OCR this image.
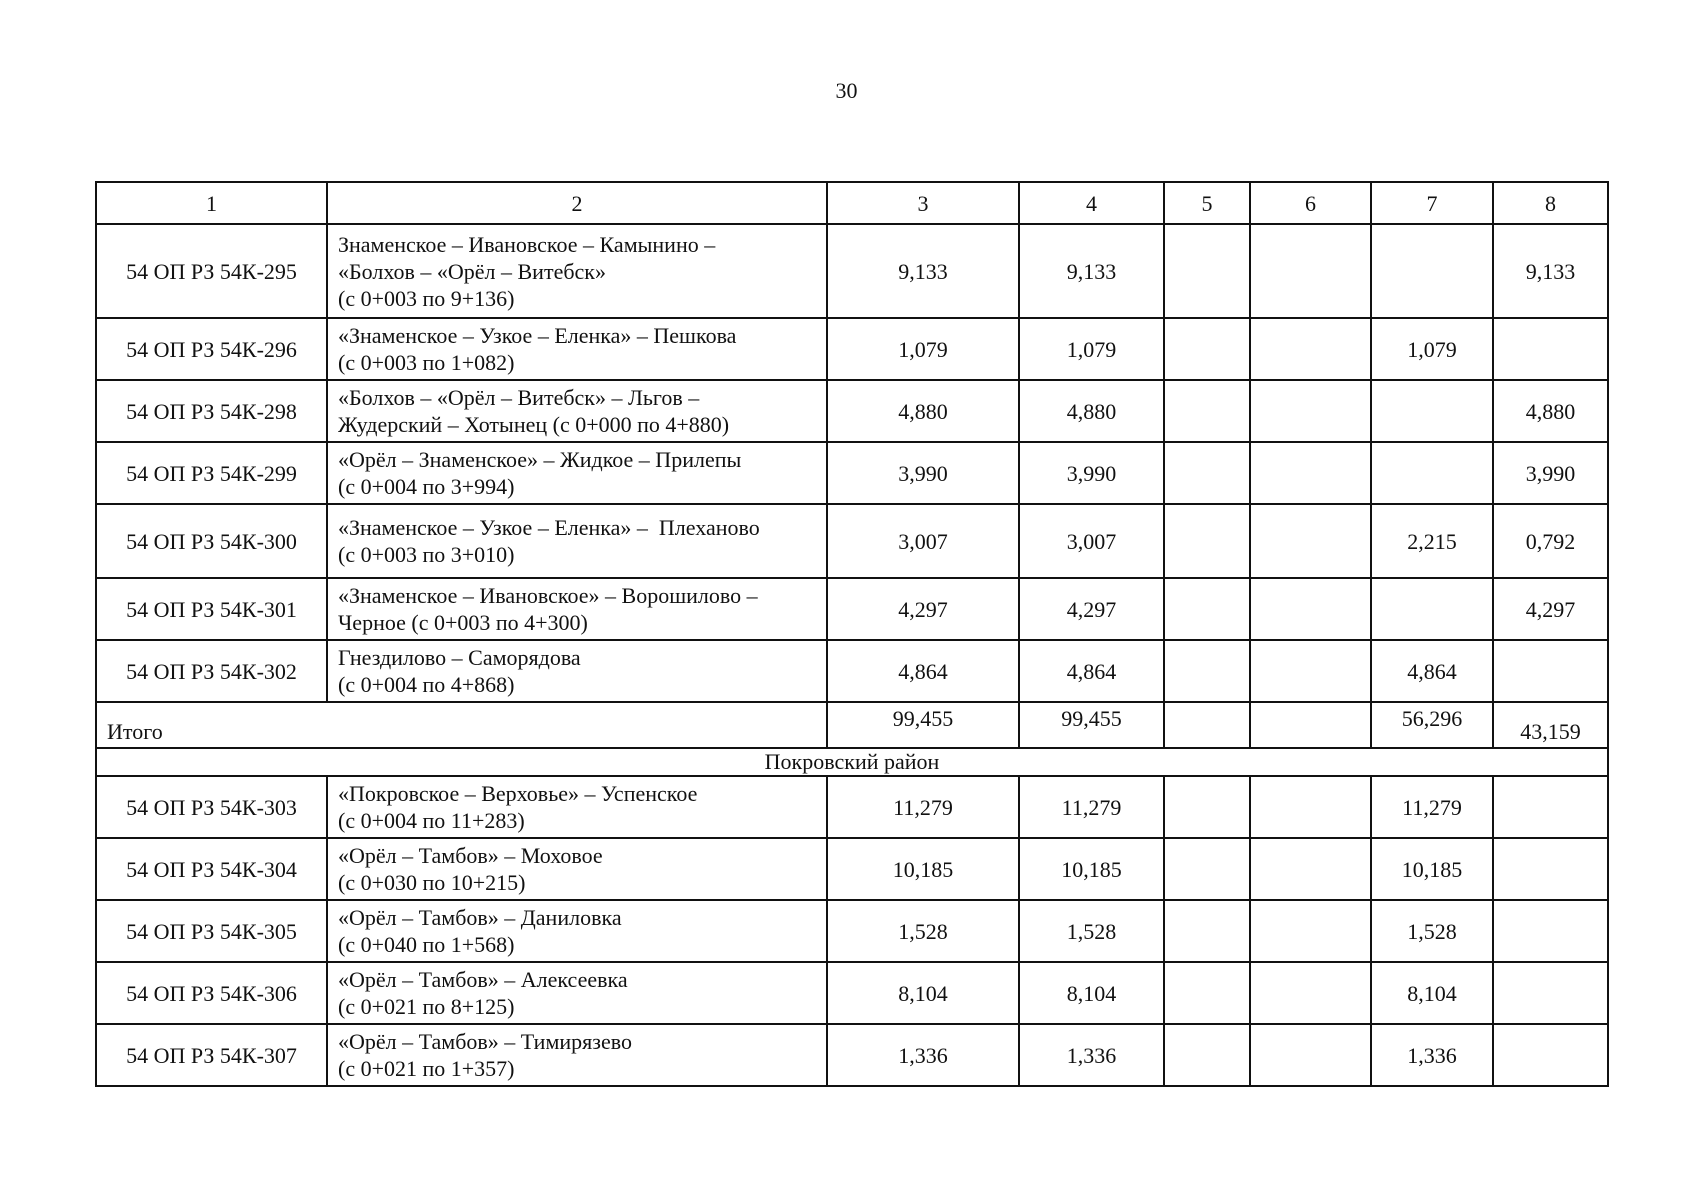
30
1	2	3	4	5	6	7	8
54 ОП РЗ 54К-295	Знаменское – Ивановское – Камынино –
«Болхов – «Орёл – Витебск»
(с 0+003 по 9+136)	9,133	9,133				9,133
54 ОП РЗ 54К-296	«Знаменское – Узкое – Еленка» – Пешкова
(с 0+003 по 1+082)	1,079	1,079			1,079	
54 ОП РЗ 54К-298	«Болхов – «Орёл – Витебск» – Льгов –
Жудерский – Хотынец (с 0+000 по 4+880)	4,880	4,880				4,880
54 ОП РЗ 54К-299	«Орёл – Знаменское» – Жидкое – Прилепы
(с 0+004 по 3+994)	3,990	3,990				3,990
54 ОП РЗ 54К-300	«Знаменское – Узкое – Еленка» –  Плеханово
(с 0+003 по 3+010)	3,007	3,007			2,215	0,792
54 ОП РЗ 54К-301	«Знаменское – Ивановское» – Ворошилово –
Черное (с 0+003 по 4+300)	4,297	4,297				4,297
54 ОП РЗ 54К-302	Гнездилово – Саморядова
(с 0+004 по 4+868)	4,864	4,864			4,864	
Итого		99,455	99,455			56,296	43,159
Покровский район							
54 ОП РЗ 54К-303	«Покровское – Верховье» – Успенское
(с 0+004 по 11+283)	11,279	11,279			11,279	
54 ОП РЗ 54К-304	«Орёл – Тамбов» – Моховое
(с 0+030 по 10+215)	10,185	10,185			10,185	
54 ОП РЗ 54К-305	«Орёл – Тамбов» – Даниловка
(с 0+040 по 1+568)	1,528	1,528			1,528	
54 ОП РЗ 54К-306	«Орёл – Тамбов» – Алексеевка
(с 0+021 по 8+125)	8,104	8,104			8,104	
54 ОП РЗ 54К-307	«Орёл – Тамбов» – Тимирязево
(с 0+021 по 1+357)	1,336	1,336			1,336	
